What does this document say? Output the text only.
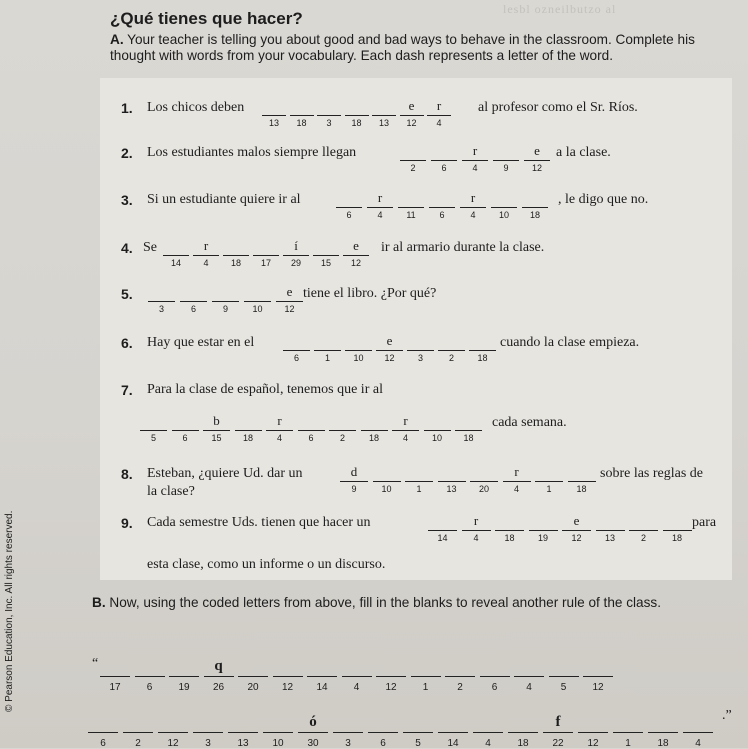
lesbl ozneilbutzo al
¿Qué tienes que hacer?
A. Your teacher is telling you about good and bad ways to behave in the classroom. Complete his thought with words from your vocabulary. Each dash represents a letter of the word.
1. Los chicos deben
13	18	3	18	13	12
e
4
r	al profesor como el Sr. Ríos.
2. Los estudiantes malos siempre llegan
2	6	4
r
9	12
e	a la clase.
3. Si un estudiante quiere ir al
6	4
r
11	6	4
r
10	18
, le digo que no.
4. Se
14	4
r
18	17	29
í
15	12
e	ir al armario durante la clase.
5.
3	6	9	10	12
e tiene el libro. ¿Por qué?
6. Hay que estar en el
6	1	10	12
e
3	2	18
cuando la clase empieza.
7. Para la clase de español, tenemos que ir al
5	6	15
b
18	4
r
6	2	18	4
r
10	18
cada semana.
8. Esteban, ¿quiere Ud. dar un
9
d
10	1	13	20	4
r
1	18
sobre las reglas de
la clase?
9. Cada semestre Uds. tienen que hacer un
14	4
r
18	19	12
e
13	2	18
para
esta clase, como un informe o un discurso.
B. Now, using the coded letters from above, fill in the blanks to reveal another rule of the class.
“
17	6	19	26
q
20	12	14	4	12	1	2	6	4	5	12
6	2	12	3	13	10	30
ó
3	6	5	14	4	18	22
f
12	1	18	4
.”
© Pearson Education, Inc. All rights reserved.
